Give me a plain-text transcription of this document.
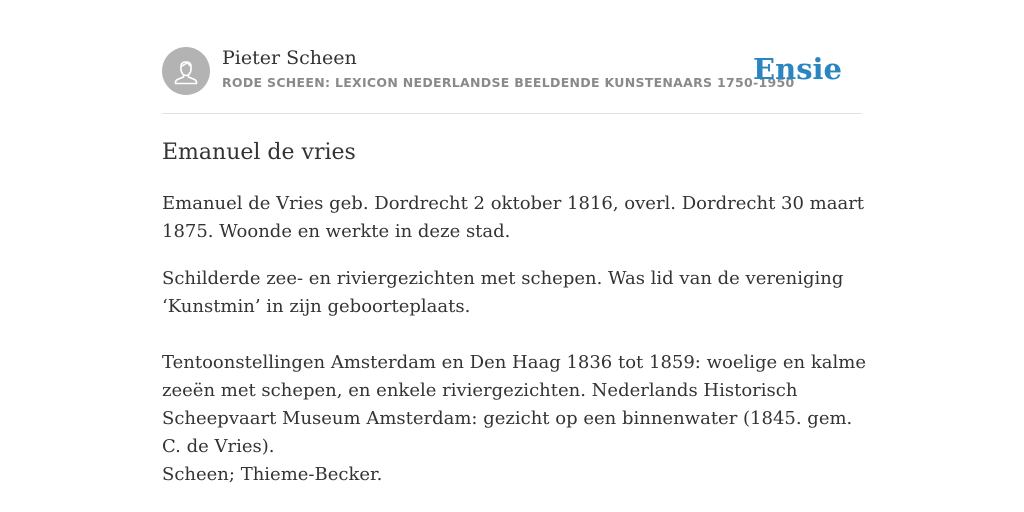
Pieter Scheen
RODE SCHEEN: LEXICON NEDERLANDSE BEELDENDE KUNSTENAARS 1750-1950
Ensie
Emanuel de vries

Emanuel de Vries geb. Dordrecht 2 oktober 1816, overl. Dordrecht 30 maart 1875. Woonde en werkte in deze stad.

Schilderde zee- en riviergezichten met schepen. Was lid van de vereniging ‘Kunstmin’ in zijn geboorteplaats.

Tentoonstellingen Amsterdam en Den Haag 1836 tot 1859: woelige en kalme zeeën met schepen, en enkele riviergezichten. Nederlands Historisch Scheepvaart Museum Amsterdam: gezicht op een binnenwater (1845. gem. C. de Vries).

Scheen; Thieme-Becker.
